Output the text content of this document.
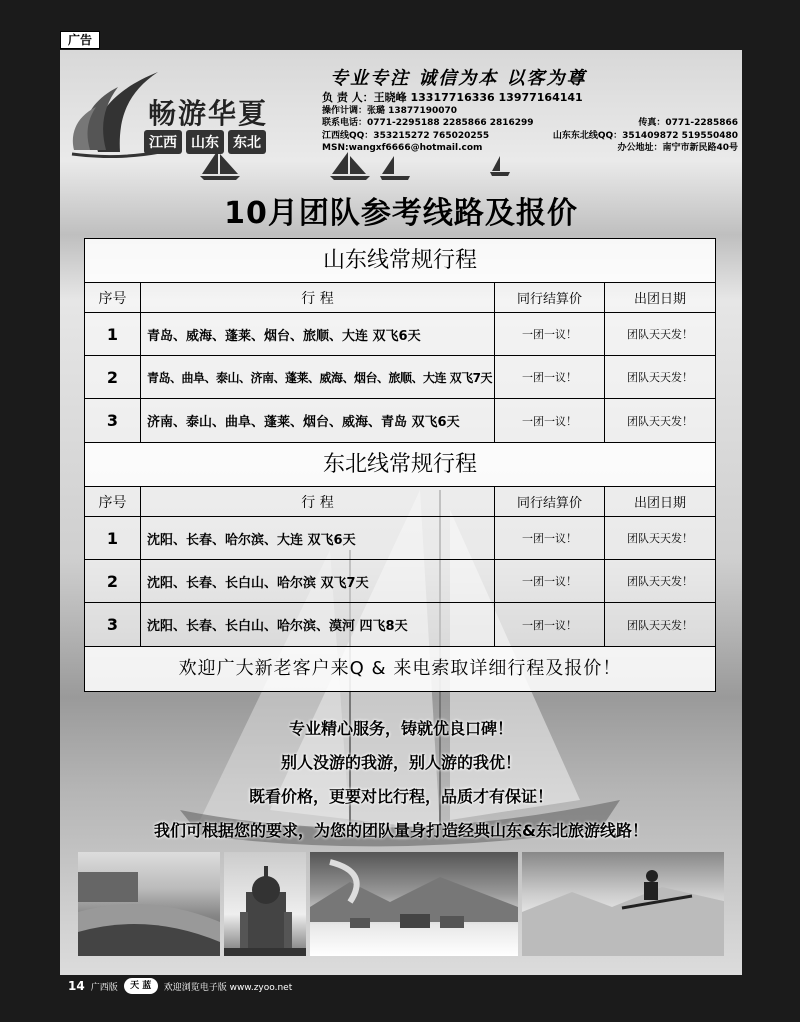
广告
畅游华夏
江西	山东	东北
专业专注 诚信为本 以客为尊
负 责 人：王晓峰 13317716336 13977164141
操作计调：张璐 13877190070
联系电话：0771-2295188 2285866 2816299	传真：0771-2285866
江西线QQ：353215272 765020255	山东东北线QQ：351409872 519550480
MSN:wangxf6666@hotmail.com	办公地址：南宁市新民路40号
10月团队参考线路及报价
山东线常规行程
序号	行 程	同行结算价	出团日期
1	青岛、威海、蓬莱、烟台、旅顺、大连 双飞6天	一团一议！	团队天天发！
2	青岛、曲阜、泰山、济南、蓬莱、威海、烟台、旅顺、大连 双飞7天	一团一议！	团队天天发！
3	济南、泰山、曲阜、蓬莱、烟台、威海、青岛 双飞6天	一团一议！	团队天天发！
东北线常规行程
序号	行 程	同行结算价	出团日期
1	沈阳、长春、哈尔滨、大连 双飞6天	一团一议！	团队天天发！
2	沈阳、长春、长白山、哈尔滨 双飞7天	一团一议！	团队天天发！
3	沈阳、长春、长白山、哈尔滨、漠河 四飞8天	一团一议！	团队天天发！
欢迎广大新老客户来Q & 来电索取详细行程及报价！
专业精心服务，铸就优良口碑！
别人没游的我游，别人游的我优！
既看价格，更要对比行程，品质才有保证！
我们可根据您的要求，为您的团队量身打造经典山东&东北旅游线路！
14 广西版	天 蓝	欢迎浏览电子版 www.zyoo.net
